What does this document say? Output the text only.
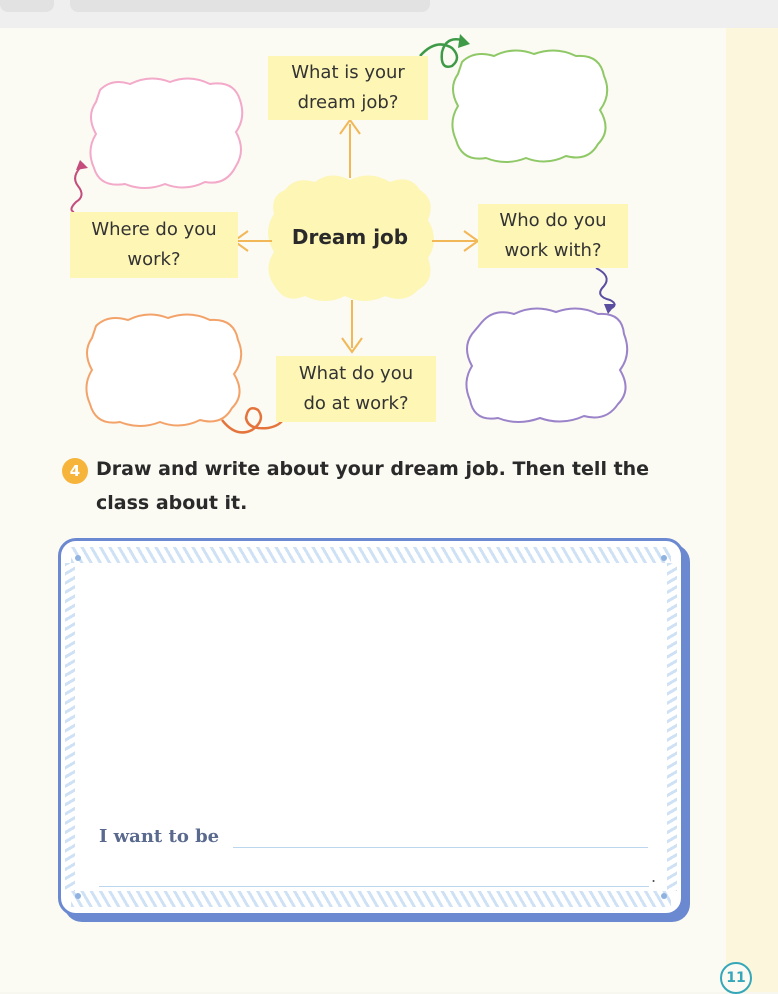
What is your
dream job?
Where do you
work?
Who do you
work with?
What do you
do at work?
Dream job
4 Draw and write about your dream job. Then tell the class about it.
I want to be
.
11
